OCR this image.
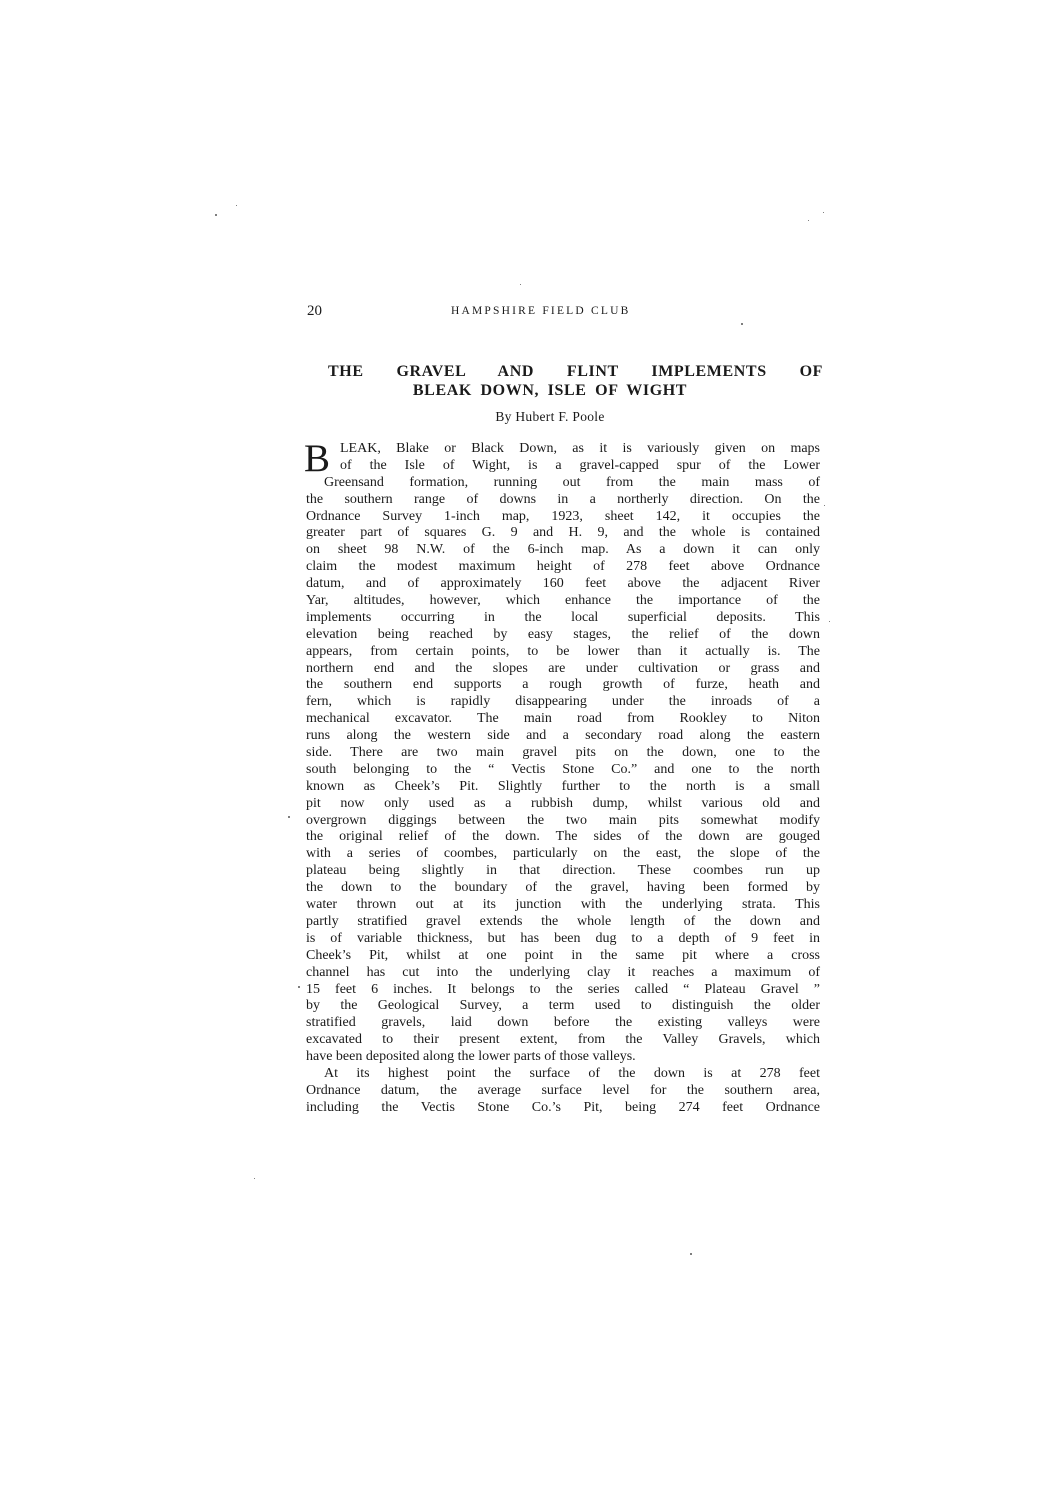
20	HAMPSHIRE FIELD CLUB

THE GRAVEL AND FLINT IMPLEMENTS OF

BLEAK DOWN, ISLE OF WIGHT

By Hubert F. Poole
B LEAK, Blake or Black Down, as it is variously given on maps
of the Isle of Wight, is a gravel-capped spur of the Lower
Greensand formation, running out from the main mass of
the southern range of downs in a northerly direction. On the
Ordnance Survey 1-inch map, 1923, sheet 142, it occupies the
greater part of squares G. 9 and H. 9, and the whole is contained
on sheet 98 N.W. of the 6-inch map. As a down it can only
claim the modest maximum height of 278 feet above Ordnance
datum, and of approximately 160 feet above the adjacent River
Yar, altitudes, however, which enhance the importance of the
implements occurring in the local superficial deposits. This
elevation being reached by easy stages, the relief of the down
appears, from certain points, to be lower than it actually is. The
northern end and the slopes are under cultivation or grass and
the southern end supports a rough growth of furze, heath and
fern, which is rapidly disappearing under the inroads of a
mechanical excavator. The main road from Rookley to Niton
runs along the western side and a secondary road along the eastern
side. There are two main gravel pits on the down, one to the
south belonging to the “ Vectis Stone Co.” and one to the north
known as Cheek’s Pit. Slightly further to the north is a small
pit now only used as a rubbish dump, whilst various old and
overgrown diggings between the two main pits somewhat modify
the original relief of the down. The sides of the down are gouged
with a series of coombes, particularly on the east, the slope of the
plateau being slightly in that direction. These coombes run up
the down to the boundary of the gravel, having been formed by
water thrown out at its junction with the underlying strata. This
partly stratified gravel extends the whole length of the down and
is of variable thickness, but has been dug to a depth of 9 feet in
Cheek’s Pit, whilst at one point in the same pit where a cross
channel has cut into the underlying clay it reaches a maximum of
15 feet 6 inches. It belongs to the series called “ Plateau Gravel ”
by the Geological Survey, a term used to distinguish the older
stratified gravels, laid down before the existing valleys were
excavated to their present extent, from the Valley Gravels, which
have been deposited along the lower parts of those valleys.
At its highest point the surface of the down is at 278 feet
Ordnance datum, the average surface level for the southern area,
including the Vectis Stone Co.’s Pit, being 274 feet Ordnance
